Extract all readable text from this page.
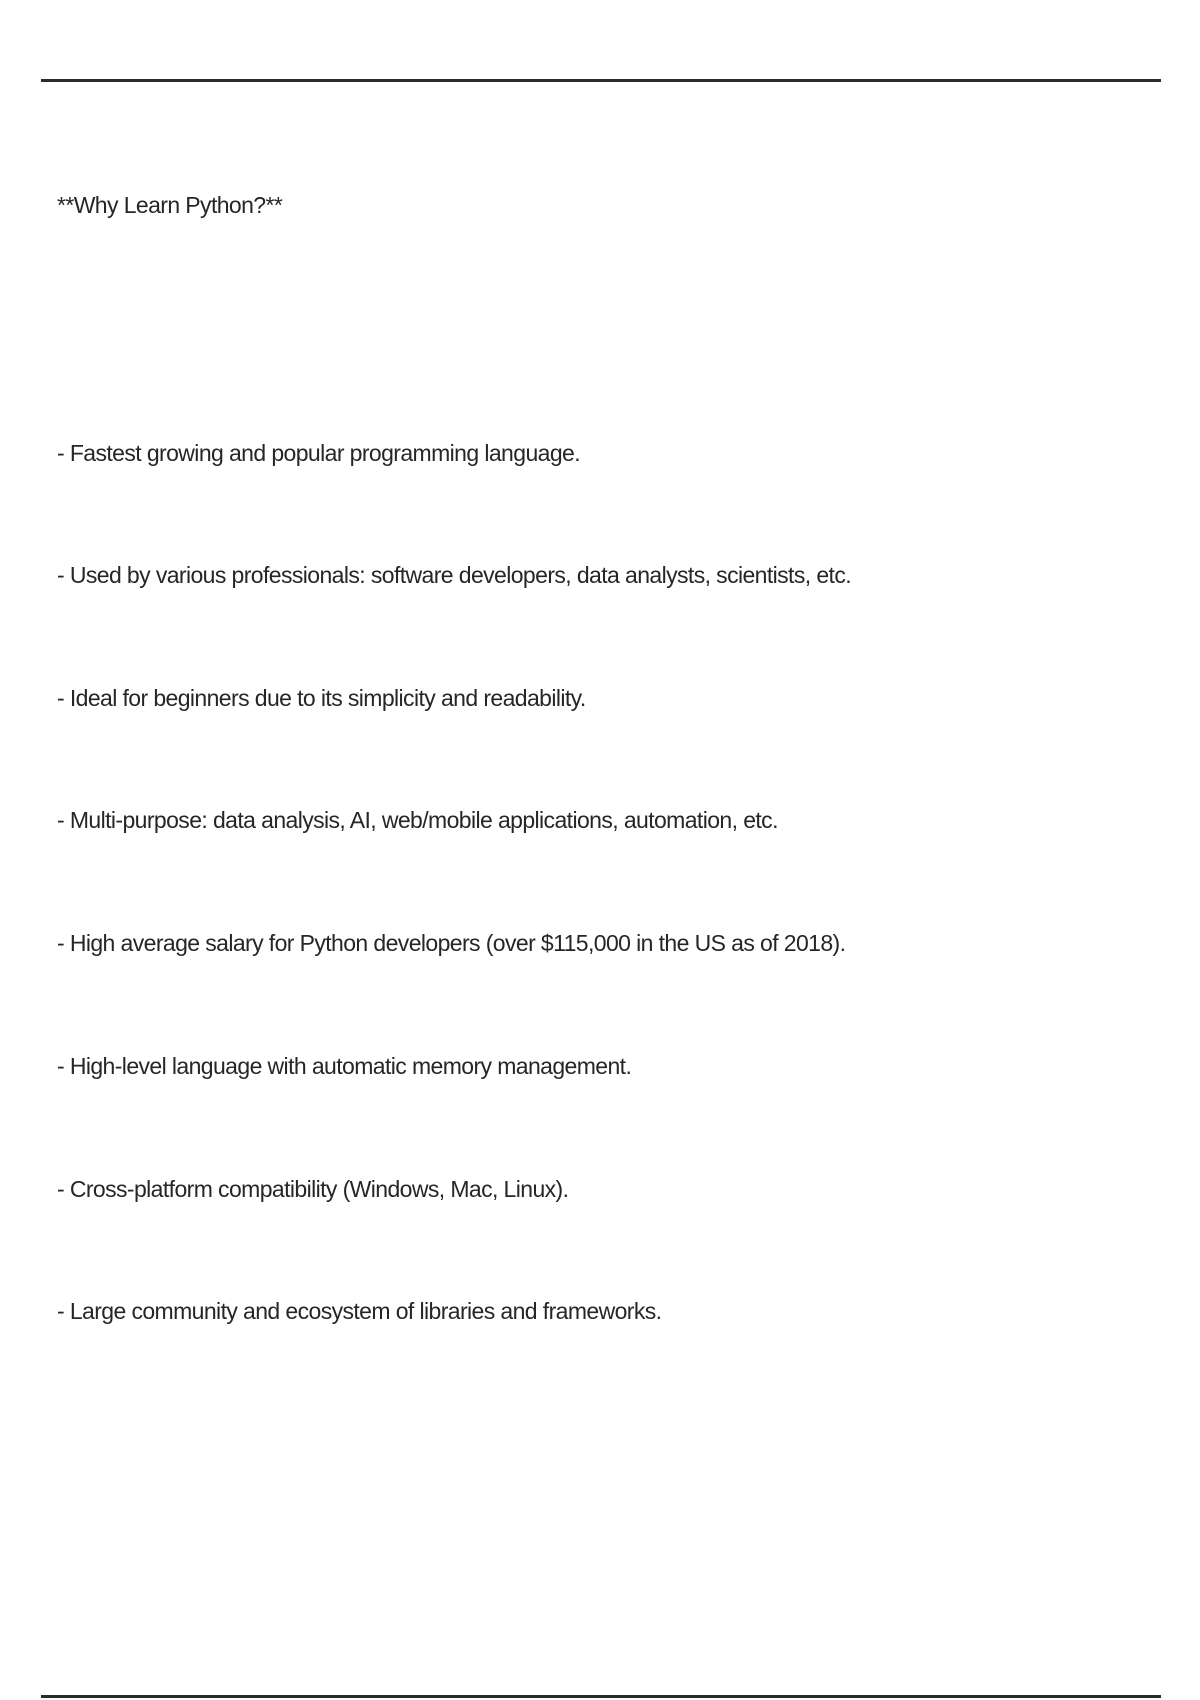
**Why Learn Python?**
- Fastest growing and popular programming language.
- Used by various professionals: software developers, data analysts, scientists, etc.
- Ideal for beginners due to its simplicity and readability.
- Multi-purpose: data analysis, AI, web/mobile applications, automation, etc.
- High average salary for Python developers (over $115,000 in the US as of 2018).
- High-level language with automatic memory management.
- Cross-platform compatibility (Windows, Mac, Linux).
- Large community and ecosystem of libraries and frameworks.
